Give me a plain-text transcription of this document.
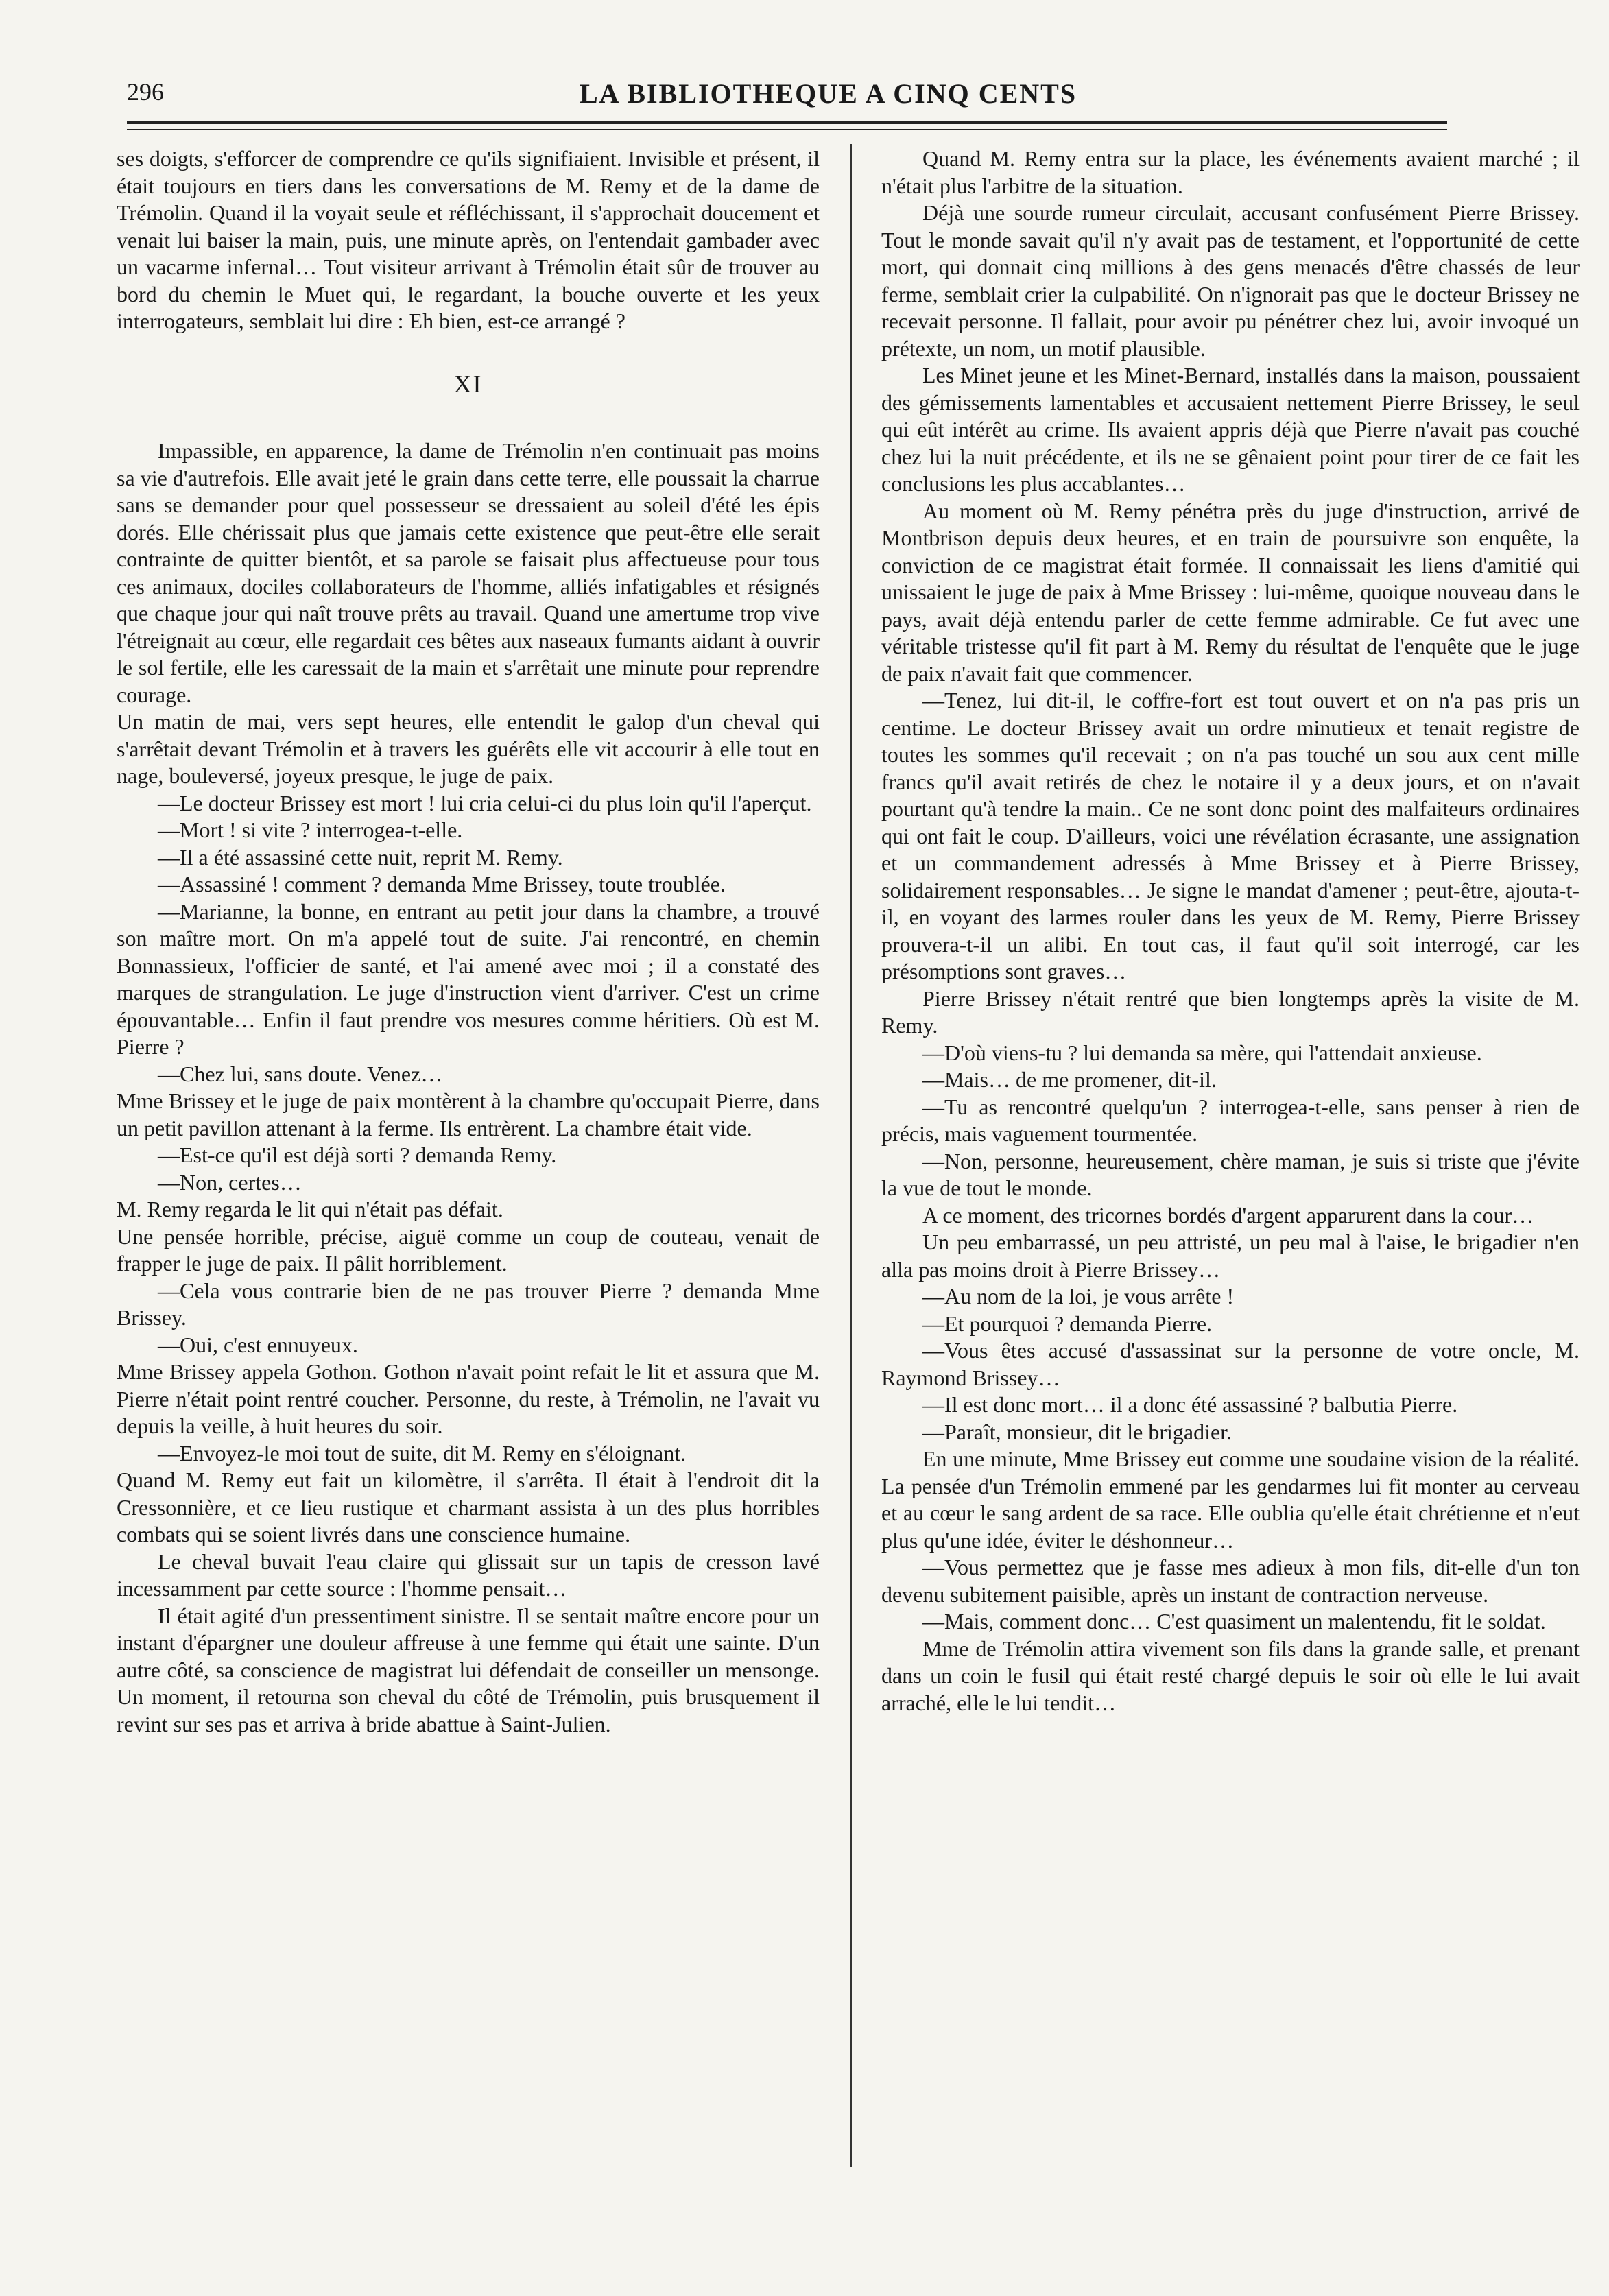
296	LA BIBLIOTHEQUE A CINQ CENTS

ses doigts, s'efforcer de comprendre ce qu'ils signifiaient. Invisible et présent, il était toujours en tiers dans les conversations de M. Remy et de la dame de Trémolin. Quand il la voyait seule et réfléchissant, il s'approchait doucement et venait lui baiser la main, puis, une minute après, on l'entendait gambader avec un vacarme infernal… Tout visiteur arrivant à Trémolin était sûr de trouver au bord du chemin le Muet qui, le regardant, la bouche ouverte et les yeux interrogateurs, semblait lui dire : Eh bien, est-ce arrangé ?

XI

Impassible, en apparence, la dame de Trémolin n'en continuait pas moins sa vie d'autrefois. Elle avait jeté le grain dans cette terre, elle poussait la charrue sans se demander pour quel possesseur se dressaient au soleil d'été les épis dorés. Elle chérissait plus que jamais cette existence que peut-être elle serait contrainte de quitter bientôt, et sa parole se faisait plus affectueuse pour tous ces animaux, dociles collaborateurs de l'homme, alliés infatigables et résignés que chaque jour qui naît trouve prêts au travail. Quand une amertume trop vive l'étreignait au cœur, elle regardait ces bêtes aux naseaux fumants aidant à ouvrir le sol fertile, elle les caressait de la main et s'arrêtait une minute pour reprendre courage.

Un matin de mai, vers sept heures, elle entendit le galop d'un cheval qui s'arrêtait devant Trémolin et à travers les guérêts elle vit accourir à elle tout en nage, bouleversé, joyeux presque, le juge de paix.

—Le docteur Brissey est mort ! lui cria celui-ci du plus loin qu'il l'aperçut.

—Mort ! si vite ? interrogea-t-elle.

—Il a été assassiné cette nuit, reprit M. Remy.

—Assassiné ! comment ? demanda Mme Brissey, toute troublée.

—Marianne, la bonne, en entrant au petit jour dans la chambre, a trouvé son maître mort. On m'a appelé tout de suite. J'ai rencontré, en chemin Bonnassieux, l'officier de santé, et l'ai amené avec moi ; il a constaté des marques de strangulation. Le juge d'instruction vient d'arriver. C'est un crime épouvantable… Enfin il faut prendre vos mesures comme héritiers. Où est M. Pierre ?

—Chez lui, sans doute. Venez…

Mme Brissey et le juge de paix montèrent à la chambre qu'occupait Pierre, dans un petit pavillon attenant à la ferme. Ils entrèrent. La chambre était vide.

—Est-ce qu'il est déjà sorti ? demanda Remy.

—Non, certes…

M. Remy regarda le lit qui n'était pas défait.

Une pensée horrible, précise, aiguë comme un coup de couteau, venait de frapper le juge de paix. Il pâlit horriblement.

—Cela vous contrarie bien de ne pas trouver Pierre ? demanda Mme Brissey.

—Oui, c'est ennuyeux.

Mme Brissey appela Gothon. Gothon n'avait point refait le lit et assura que M. Pierre n'était point rentré coucher. Personne, du reste, à Trémolin, ne l'avait vu depuis la veille, à huit heures du soir.

—Envoyez-le moi tout de suite, dit M. Remy en s'éloignant.

Quand M. Remy eut fait un kilomètre, il s'arrêta. Il était à l'endroit dit la Cressonnière, et ce lieu rustique et charmant assista à un des plus horribles combats qui se soient livrés dans une conscience humaine.

Le cheval buvait l'eau claire qui glissait sur un tapis de cresson lavé incessamment par cette source : l'homme pensait…

Il était agité d'un pressentiment sinistre. Il se sentait maître encore pour un instant d'épargner une douleur affreuse à une femme qui était une sainte. D'un autre côté, sa conscience de magistrat lui défendait de conseiller un mensonge. Un moment, il retourna son cheval du côté de Trémolin, puis brusquement il revint sur ses pas et arriva à bride abattue à Saint-Julien.

Quand M. Remy entra sur la place, les événements avaient marché ; il n'était plus l'arbitre de la situation.

Déjà une sourde rumeur circulait, accusant confusément Pierre Brissey. Tout le monde savait qu'il n'y avait pas de testament, et l'opportunité de cette mort, qui donnait cinq millions à des gens menacés d'être chassés de leur ferme, semblait crier la culpabilité. On n'ignorait pas que le docteur Brissey ne recevait personne. Il fallait, pour avoir pu pénétrer chez lui, avoir invoqué un prétexte, un nom, un motif plausible.

Les Minet jeune et les Minet-Bernard, installés dans la maison, poussaient des gémissements lamentables et accusaient nettement Pierre Brissey, le seul qui eût intérêt au crime. Ils avaient appris déjà que Pierre n'avait pas couché chez lui la nuit précédente, et ils ne se gênaient point pour tirer de ce fait les conclusions les plus accablantes…

Au moment où M. Remy pénétra près du juge d'instruction, arrivé de Montbrison depuis deux heures, et en train de poursuivre son enquête, la conviction de ce magistrat était formée. Il connaissait les liens d'amitié qui unissaient le juge de paix à Mme Brissey : lui-même, quoique nouveau dans le pays, avait déjà entendu parler de cette femme admirable. Ce fut avec une véritable tristesse qu'il fit part à M. Remy du résultat de l'enquête que le juge de paix n'avait fait que commencer.

—Tenez, lui dit-il, le coffre-fort est tout ouvert et on n'a pas pris un centime. Le docteur Brissey avait un ordre minutieux et tenait registre de toutes les sommes qu'il recevait ; on n'a pas touché un sou aux cent mille francs qu'il avait retirés de chez le notaire il y a deux jours, et on n'avait pourtant qu'à tendre la main.. Ce ne sont donc point des malfaiteurs ordinaires qui ont fait le coup. D'ailleurs, voici une révélation écrasante, une assignation et un commandement adressés à Mme Brissey et à Pierre Brissey, solidairement responsables… Je signe le mandat d'amener ; peut-être, ajouta-t-il, en voyant des larmes rouler dans les yeux de M. Remy, Pierre Brissey prouvera-t-il un alibi. En tout cas, il faut qu'il soit interrogé, car les présomptions sont graves…

Pierre Brissey n'était rentré que bien longtemps après la visite de M. Remy.

—D'où viens-tu ? lui demanda sa mère, qui l'attendait anxieuse.

—Mais… de me promener, dit-il.

—Tu as rencontré quelqu'un ? interrogea-t-elle, sans penser à rien de précis, mais vaguement tourmentée.

—Non, personne, heureusement, chère maman, je suis si triste que j'évite la vue de tout le monde.

A ce moment, des tricornes bordés d'argent apparurent dans la cour…

Un peu embarrassé, un peu attristé, un peu mal à l'aise, le brigadier n'en alla pas moins droit à Pierre Brissey…

—Au nom de la loi, je vous arrête !

—Et pourquoi ? demanda Pierre.

—Vous êtes accusé d'assassinat sur la personne de votre oncle, M. Raymond Brissey…

—Il est donc mort… il a donc été assassiné ? balbutia Pierre.

—Paraît, monsieur, dit le brigadier.

En une minute, Mme Brissey eut comme une soudaine vision de la réalité. La pensée d'un Trémolin emmené par les gendarmes lui fit monter au cerveau et au cœur le sang ardent de sa race. Elle oublia qu'elle était chrétienne et n'eut plus qu'une idée, éviter le déshonneur…

—Vous permettez que je fasse mes adieux à mon fils, dit-elle d'un ton devenu subitement paisible, après un instant de contraction nerveuse.

—Mais, comment donc… C'est quasiment un malentendu, fit le soldat.

Mme de Trémolin attira vivement son fils dans la grande salle, et prenant dans un coin le fusil qui était resté chargé depuis le soir où elle le lui avait arraché, elle le lui tendit…
